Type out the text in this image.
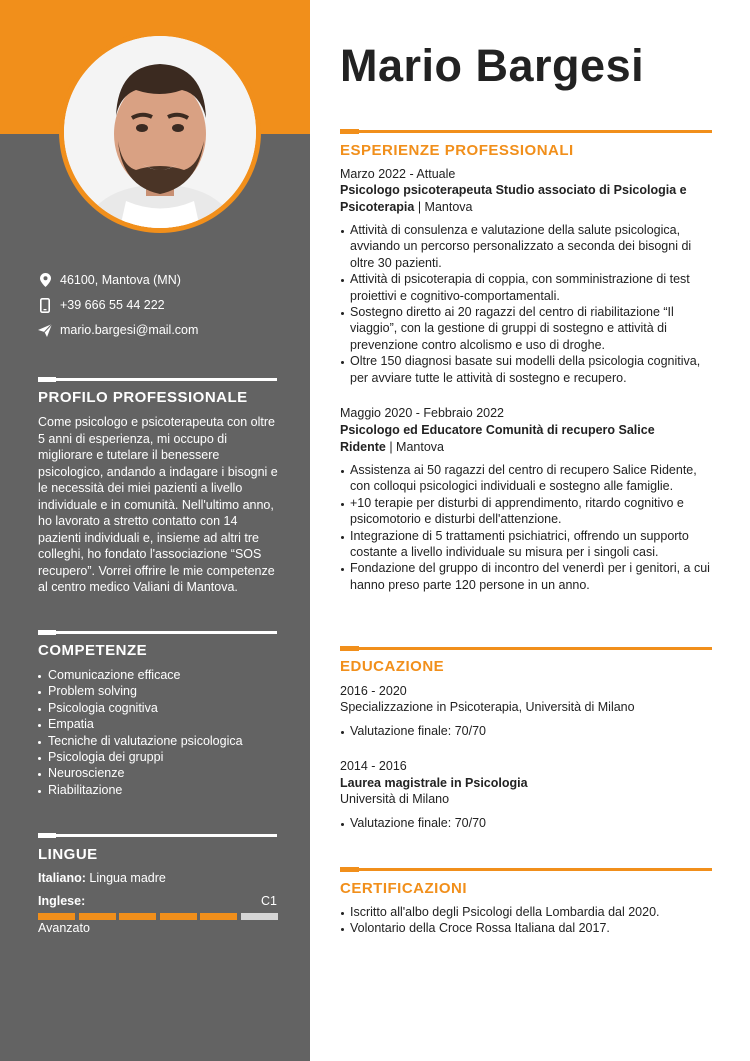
46100, Mantova (MN)
+39 666 55 44 222
mario.bargesi@mail.com
PROFILO PROFESSIONALE
Come psicologo e psicoterapeuta con oltre 5 anni di esperienza, mi occupo di migliorare e tutelare il benessere psicologico, andando a indagare i bisogni e le necessità dei miei pazienti a livello individuale e in comunità. Nell'ultimo anno, ho lavorato a stretto contatto con 14 pazienti individuali e, insieme ad altri tre colleghi, ho fondato l'associazione “SOS recupero”. Vorrei offrire le mie competenze al centro medico Valiani di Mantova.
COMPETENZE
Comunicazione efficace
Problem solving
Psicologia cognitiva
Empatia
Tecniche di valutazione psicologica
Psicologia dei gruppi
Neuroscienze
Riabilitazione
LINGUE
Italiano: Lingua madre
Inglese:	C1
Avanzato
Mario Bargesi
ESPERIENZE PROFESSIONALI
Marzo 2022 - Attuale
Psicologo psicoterapeuta Studio associato di Psicologia e
Psicoterapia | Mantova
Attività di consulenza e valutazione della salute psicologica, avviando un percorso personalizzato a seconda dei bisogni di oltre 30 pazienti.
Attività di psicoterapia di coppia, con somministrazione di test proiettivi e cognitivo-comportamentali.
Sostegno diretto ai 20 ragazzi del centro di riabilitazione “Il viaggio”, con la gestione di gruppi di sostegno e attività di prevenzione contro alcolismo e uso di droghe.
Oltre 150 diagnosi basate sui modelli della psicologia cognitiva, per avviare tutte le attività di sostegno e recupero.
Maggio 2020 - Febbraio 2022
Psicologo ed Educatore Comunità di recupero Salice
Ridente | Mantova
Assistenza ai 50 ragazzi del centro di recupero Salice Ridente, con colloqui psicologici individuali e sostegno alle famiglie.
+10 terapie per disturbi di apprendimento, ritardo cognitivo e psicomotorio e disturbi dell'attenzione.
Integrazione di 5 trattamenti psichiatrici, offrendo un supporto costante a livello individuale su misura per i singoli casi.
Fondazione del gruppo di incontro del venerdì per i genitori, a cui hanno preso parte 120 persone in un anno.
EDUCAZIONE
2016 - 2020
Specializzazione in Psicoterapia, Università di Milano
Valutazione finale: 70/70
2014 - 2016
Laurea magistrale in Psicologia
Università di Milano
Valutazione finale: 70/70
CERTIFICAZIONI
Iscritto all'albo degli Psicologi della Lombardia dal 2020.
Volontario della Croce Rossa Italiana dal 2017.
